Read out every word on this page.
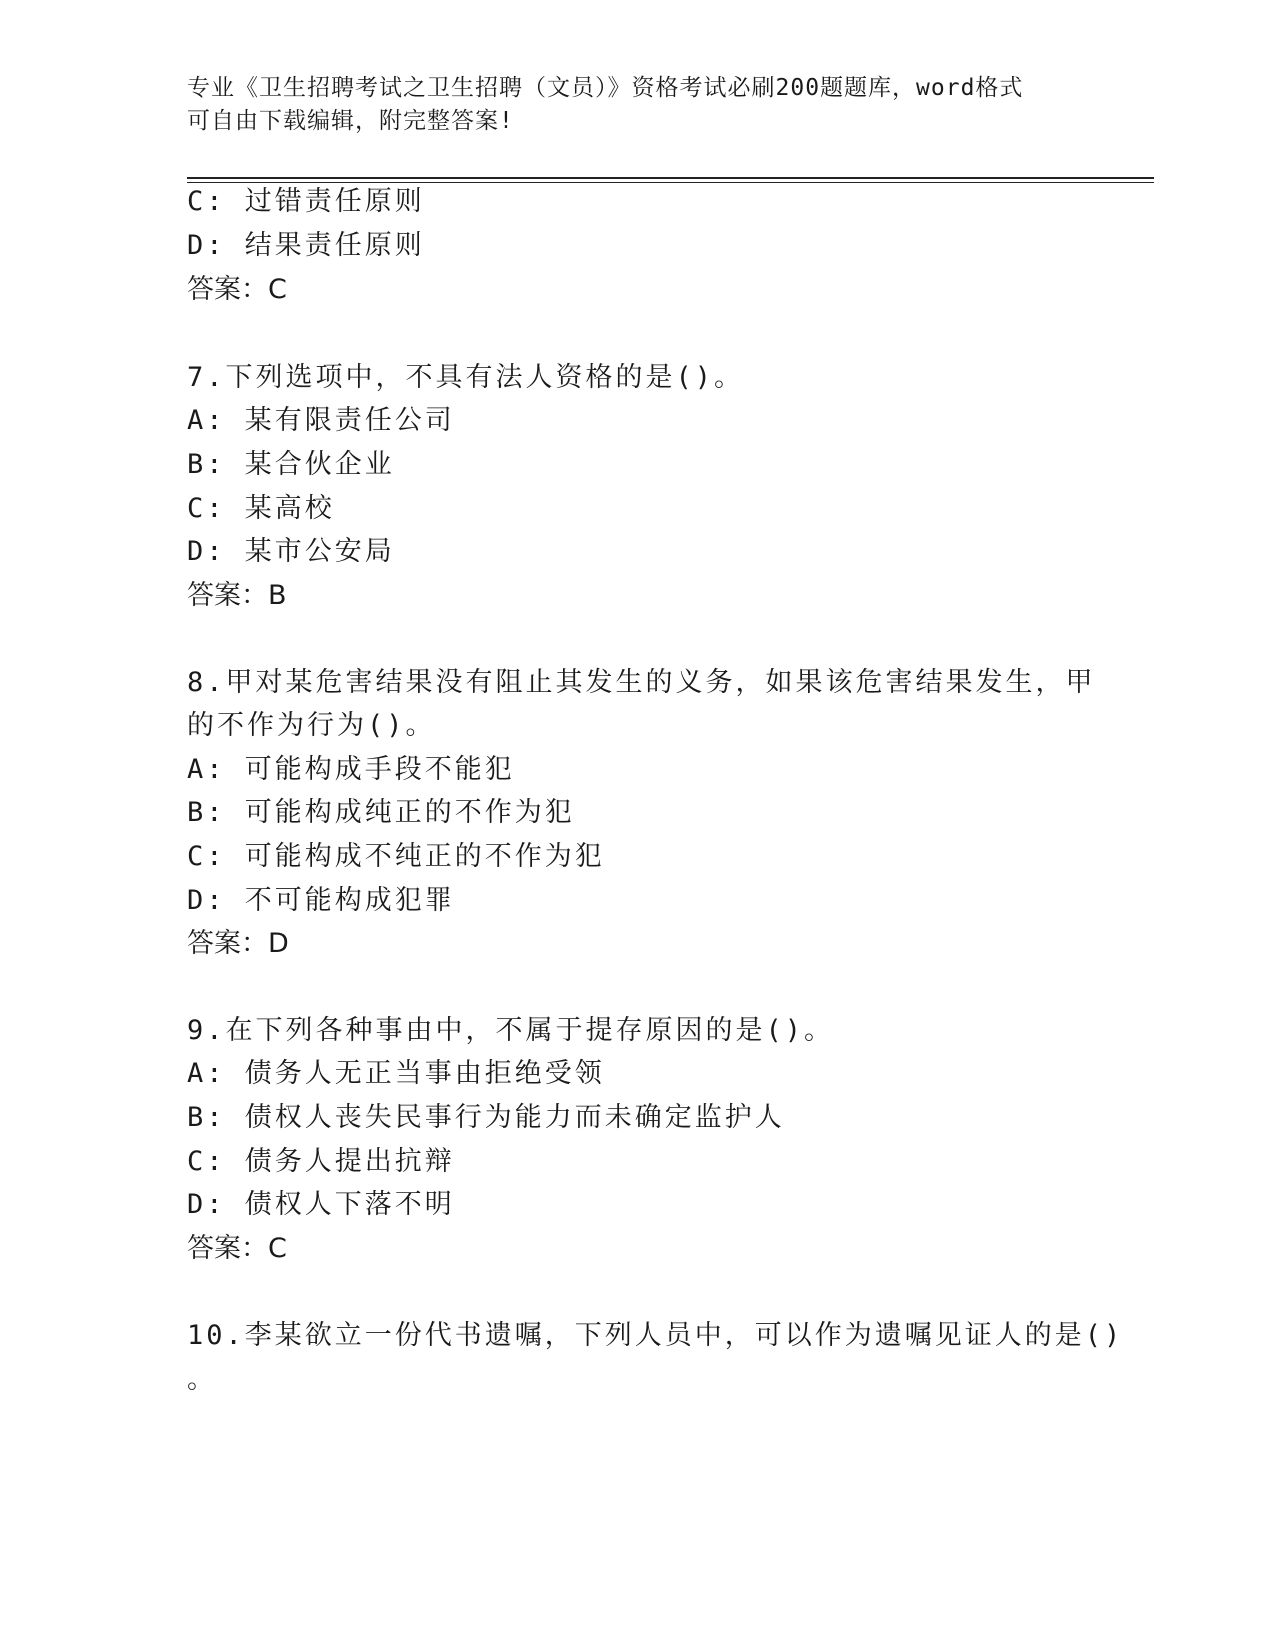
专业《卫生招聘考试之卫生招聘（文员）》资格考试必刷200题题库，word格式
可自由下载编辑，附完整答案!
C: 过错责任原则
D: 结果责任原则
答案：C
7.下列选项中，不具有法人资格的是()。
A: 某有限责任公司
B: 某合伙企业
C: 某高校
D: 某市公安局
答案：B
8.甲对某危害结果没有阻止其发生的义务，如果该危害结果发生，甲
的不作为行为()。
A: 可能构成手段不能犯
B: 可能构成纯正的不作为犯
C: 可能构成不纯正的不作为犯
D: 不可能构成犯罪
答案：D
9.在下列各种事由中，不属于提存原因的是()。
A: 债务人无正当事由拒绝受领
B: 债权人丧失民事行为能力而未确定监护人
C: 债务人提出抗辩
D: 债权人下落不明
答案：C
10.李某欲立一份代书遗嘱，下列人员中，可以作为遗嘱见证人的是()
。
